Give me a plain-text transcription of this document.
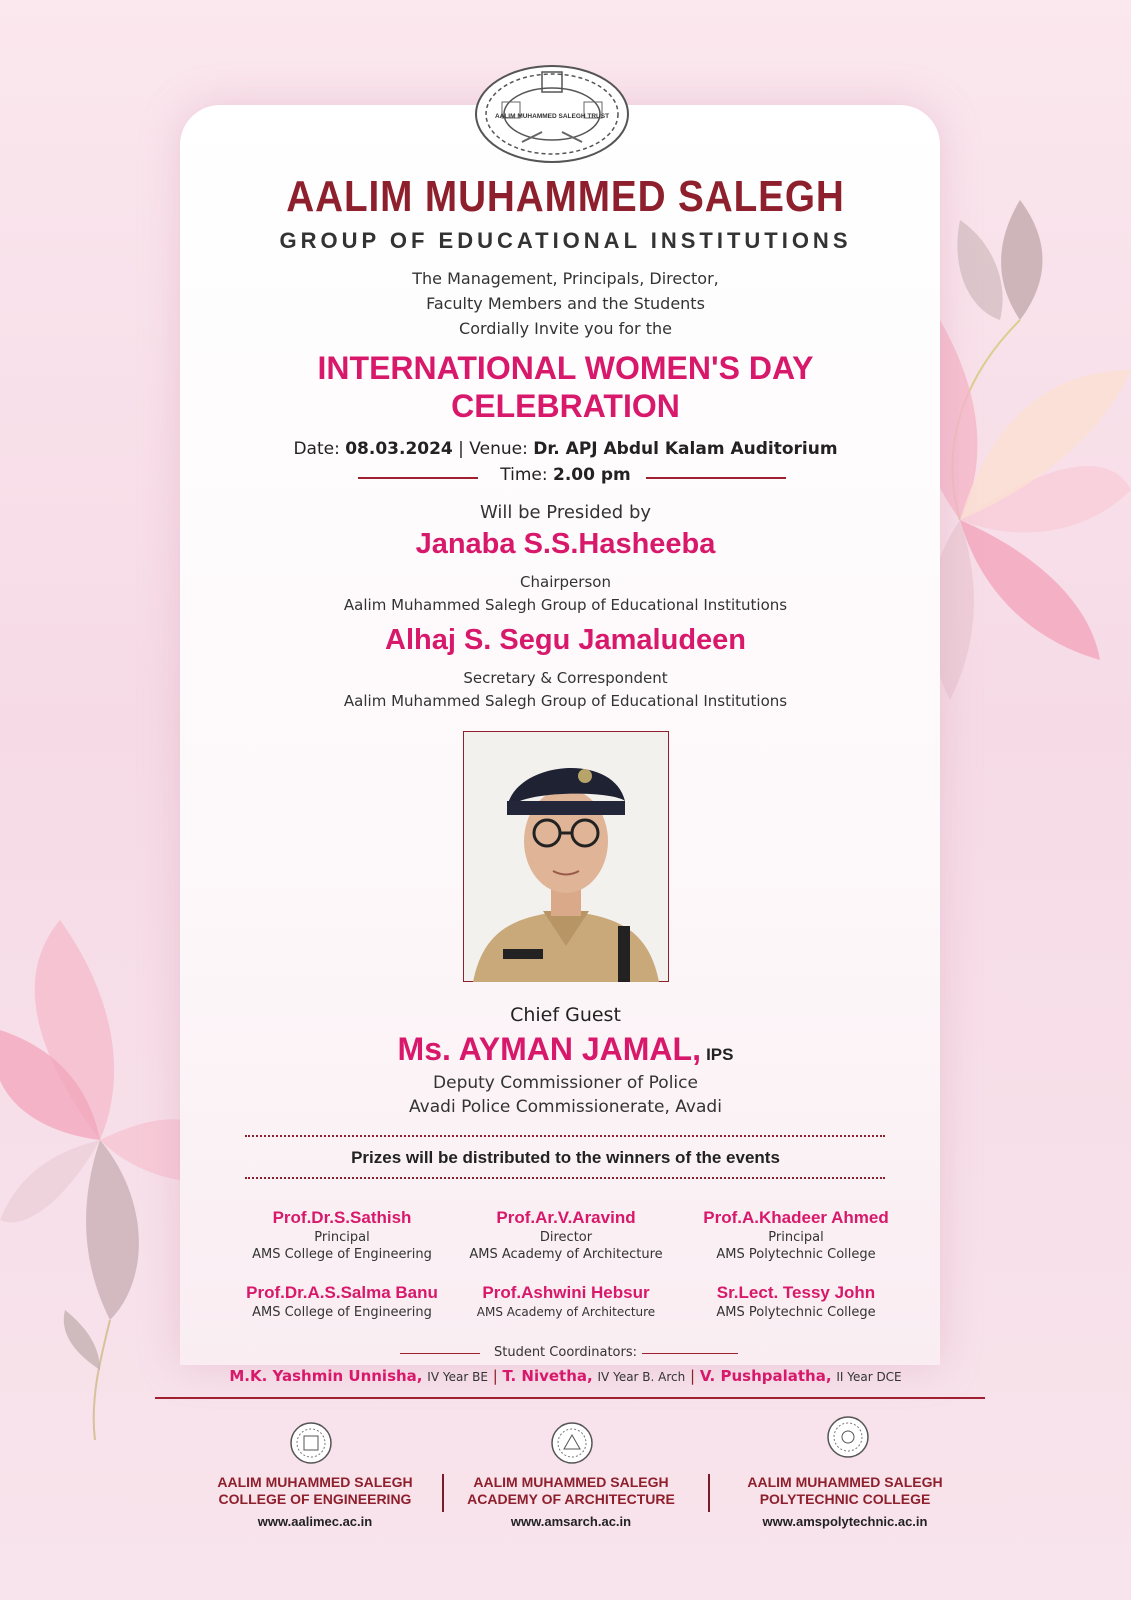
AALIM MUHAMMED SALEGH TRUST
AALIM MUHAMMED SALEGH
GROUP OF EDUCATIONAL INSTITUTIONS
The Management, Principals, Director,
Faculty Members and the Students
Cordially Invite you for the
INTERNATIONAL WOMEN'S DAY
CELEBRATION
Date: 08.03.2024 | Venue: Dr. APJ Abdul Kalam Auditorium
Time: 2.00 pm
Will be Presided by
Janaba S.S.Hasheeba
Chairperson
Aalim Muhammed Salegh Group of Educational Institutions
Alhaj S. Segu Jamaludeen
Secretary & Correspondent
Aalim Muhammed Salegh Group of Educational Institutions
Chief Guest
Ms. AYMAN JAMAL, IPS
Deputy Commissioner of Police
Avadi Police Commissionerate, Avadi
Prizes will be distributed to the winners of the events
Prof.Dr.S.Sathish
Principal
AMS College of Engineering
Prof.Ar.V.Aravind
Director
AMS Academy of Architecture
Prof.A.Khadeer Ahmed
Principal
AMS Polytechnic College
Prof.Dr.A.S.Salma Banu
AMS College of Engineering
Prof.Ashwini Hebsur
AMS Academy of Architecture
Sr.Lect. Tessy John
AMS Polytechnic College
Student Coordinators:
M.K. Yashmin Unnisha, IV Year BE | T. Nivetha, IV Year B. Arch | V. Pushpalatha, II Year DCE
AALIM MUHAMMED SALEGH
COLLEGE OF ENGINEERING
www.aalimec.ac.in
AALIM MUHAMMED SALEGH
ACADEMY OF ARCHITECTURE
www.amsarch.ac.in
AALIM MUHAMMED SALEGH
POLYTECHNIC COLLEGE
www.amspolytechnic.ac.in
